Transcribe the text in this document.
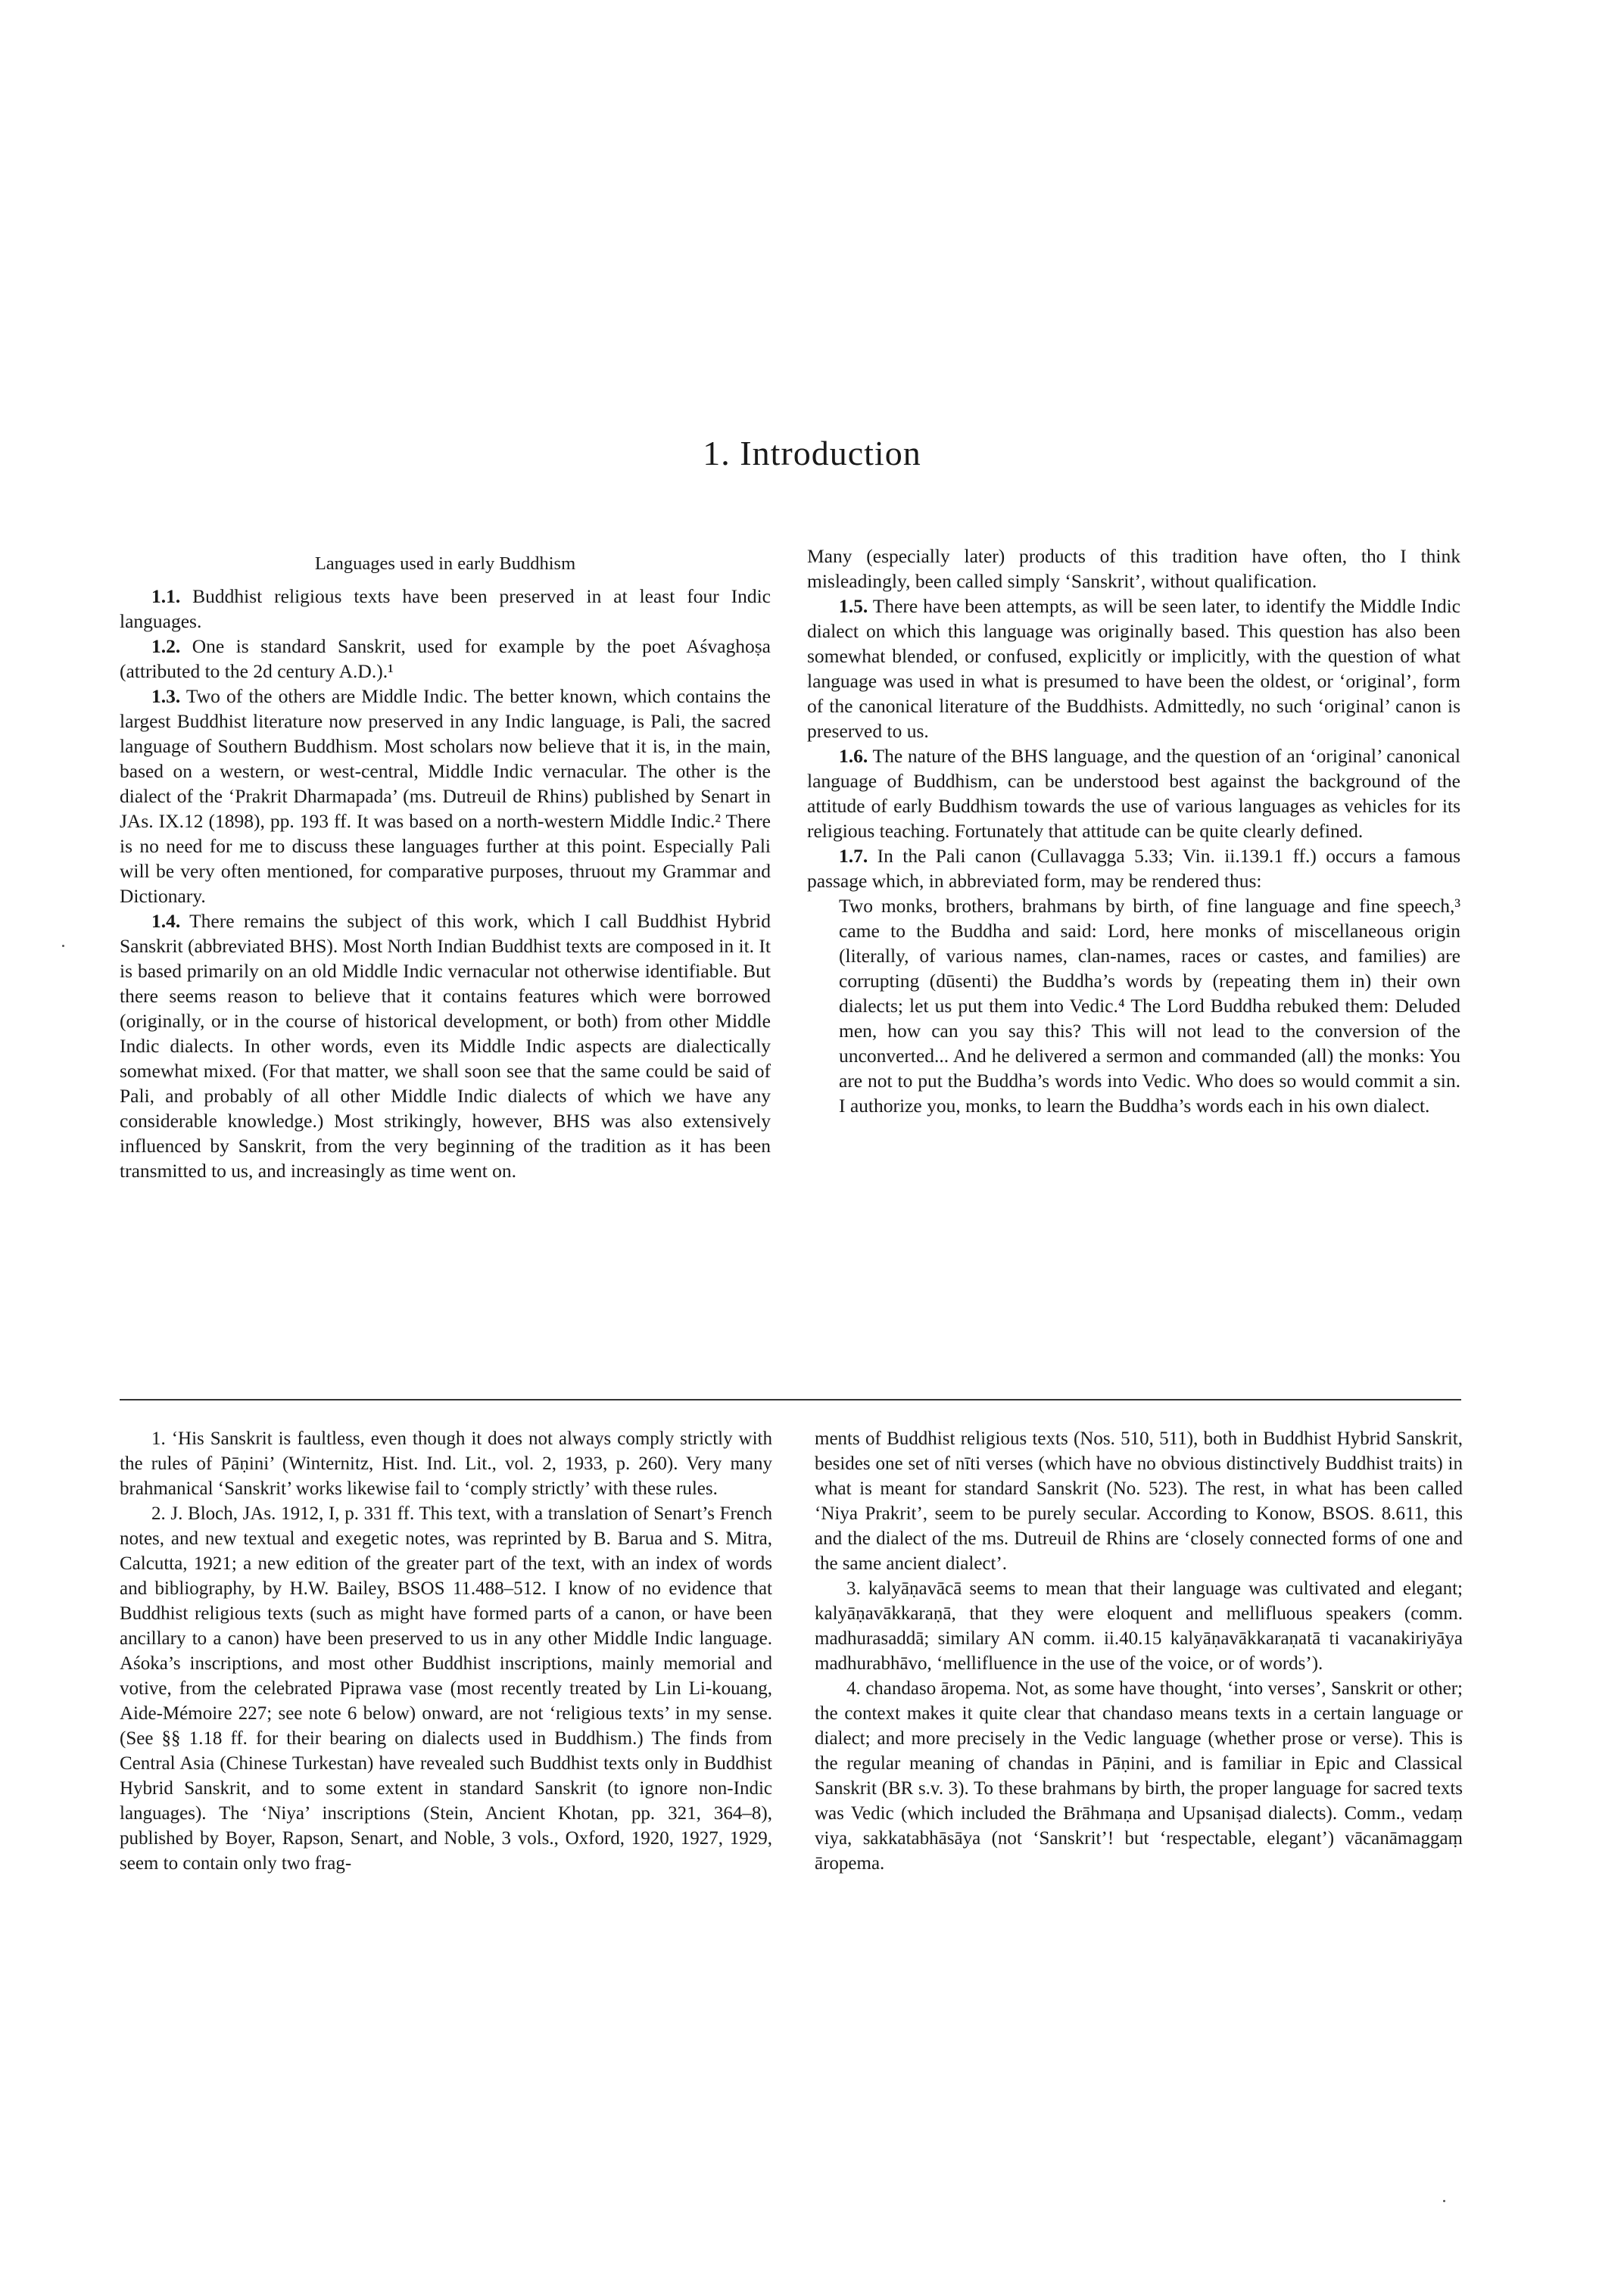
1. Introduction
Languages used in early Buddhism

1.1. Buddhist religious texts have been preserved in at least four Indic languages.

1.2. One is standard Sanskrit, used for example by the poet Aśvaghoṣa (attributed to the 2d century A.D.).¹

1.3. Two of the others are Middle Indic. The better known, which contains the largest Buddhist literature now preserved in any Indic language, is Pali, the sacred language of Southern Buddhism. Most scholars now believe that it is, in the main, based on a western, or west-central, Middle Indic vernacular. The other is the dialect of the ‘Prakrit Dharmapada’ (ms. Dutreuil de Rhins) published by Senart in JAs. IX.12 (1898), pp. 193 ff. It was based on a north-western Middle Indic.² There is no need for me to discuss these languages further at this point. Especially Pali will be very often mentioned, for comparative purposes, thruout my Grammar and Dictionary.

1.4. There remains the subject of this work, which I call Buddhist Hybrid Sanskrit (abbreviated BHS). Most North Indian Buddhist texts are composed in it. It is based primarily on an old Middle Indic vernacular not otherwise identifiable. But there seems reason to believe that it contains features which were borrowed (originally, or in the course of historical development, or both) from other Middle Indic dialects. In other words, even its Middle Indic aspects are dialectically somewhat mixed. (For that matter, we shall soon see that the same could be said of Pali, and probably of all other Middle Indic dialects of which we have any considerable knowledge.) Most strikingly, however, BHS was also extensively influenced by Sanskrit, from the very beginning of the tradition as it has been transmitted to us, and increasingly as time went on.

Many (especially later) products of this tradition have often, tho I think misleadingly, been called simply ‘Sanskrit’, without qualification.

1.5. There have been attempts, as will be seen later, to identify the Middle Indic dialect on which this language was originally based. This question has also been somewhat blended, or confused, explicitly or implicitly, with the question of what language was used in what is presumed to have been the oldest, or ‘original’, form of the canonical literature of the Buddhists. Admittedly, no such ‘original’ canon is preserved to us.

1.6. The nature of the BHS language, and the question of an ‘original’ canonical language of Buddhism, can be understood best against the background of the attitude of early Buddhism towards the use of various languages as vehicles for its religious teaching. Fortunately that attitude can be quite clearly defined.

1.7. In the Pali canon (Cullavagga 5.33; Vin. ii.139.1 ff.) occurs a famous passage which, in abbreviated form, may be rendered thus:

Two monks, brothers, brahmans by birth, of fine language and fine speech,³ came to the Buddha and said: Lord, here monks of miscellaneous origin (literally, of various names, clan-names, races or castes, and families) are corrupting (dūsenti) the Buddha’s words by (repeating them in) their own dialects; let us put them into Vedic.⁴ The Lord Buddha rebuked them: Deluded men, how can you say this? This will not lead to the conversion of the unconverted... And he delivered a sermon and commanded (all) the monks: You are not to put the Buddha’s words into Vedic. Who does so would commit a sin. I authorize you, monks, to learn the Buddha’s words each in his own dialect.

1. ‘His Sanskrit is faultless, even though it does not always comply strictly with the rules of Pāṇini’ (Winternitz, Hist. Ind. Lit., vol. 2, 1933, p. 260). Very many brahmanical ‘Sanskrit’ works likewise fail to ‘comply strictly’ with these rules.

2. J. Bloch, JAs. 1912, I, p. 331 ff. This text, with a translation of Senart’s French notes, and new textual and exegetic notes, was reprinted by B. Barua and S. Mitra, Calcutta, 1921; a new edition of the greater part of the text, with an index of words and bibliography, by H.W. Bailey, BSOS 11.488–512. I know of no evidence that Buddhist religious texts (such as might have formed parts of a canon, or have been ancillary to a canon) have been preserved to us in any other Middle Indic language. Aśoka’s inscriptions, and most other Buddhist inscriptions, mainly memorial and votive, from the celebrated Piprawa vase (most recently treated by Lin Li-kouang, Aide-Mémoire 227; see note 6 below) onward, are not ‘religious texts’ in my sense. (See §§ 1.18 ff. for their bearing on dialects used in Buddhism.) The finds from Central Asia (Chinese Turkestan) have revealed such Buddhist texts only in Buddhist Hybrid Sanskrit, and to some extent in standard Sanskrit (to ignore non-Indic languages). The ‘Niya’ inscriptions (Stein, Ancient Khotan, pp. 321, 364–8), published by Boyer, Rapson, Senart, and Noble, 3 vols., Oxford, 1920, 1927, 1929, seem to contain only two frag-

ments of Buddhist religious texts (Nos. 510, 511), both in Buddhist Hybrid Sanskrit, besides one set of nīti verses (which have no obvious distinctively Buddhist traits) in what is meant for standard Sanskrit (No. 523). The rest, in what has been called ‘Niya Prakrit’, seem to be purely secular. According to Konow, BSOS. 8.611, this and the dialect of the ms. Dutreuil de Rhins are ‘closely connected forms of one and the same ancient dialect’.

3. kalyāṇavācā seems to mean that their language was cultivated and elegant; kalyāṇavākkaraṇā, that they were eloquent and mellifluous speakers (comm. madhurasaddā; similary AN comm. ii.40.15 kalyāṇavākkaraṇatā ti vacanakiriyāya madhurabhāvo, ‘mellifluence in the use of the voice, or of words’).

4. chandaso āropema. Not, as some have thought, ‘into verses’, Sanskrit or other; the context makes it quite clear that chandaso means texts in a certain language or dialect; and more precisely in the Vedic language (whether prose or verse). This is the regular meaning of chandas in Pāṇini, and is familiar in Epic and Classical Sanskrit (BR s.v. 3). To these brahmans by birth, the proper language for sacred texts was Vedic (which included the Brāhmaṇa and Upsaniṣad dialects). Comm., vedaṃ viya, sakkatabhāsāya (not ‘Sanskrit’! but ‘respectable, elegant’) vācanāmaggaṃ āropema.
